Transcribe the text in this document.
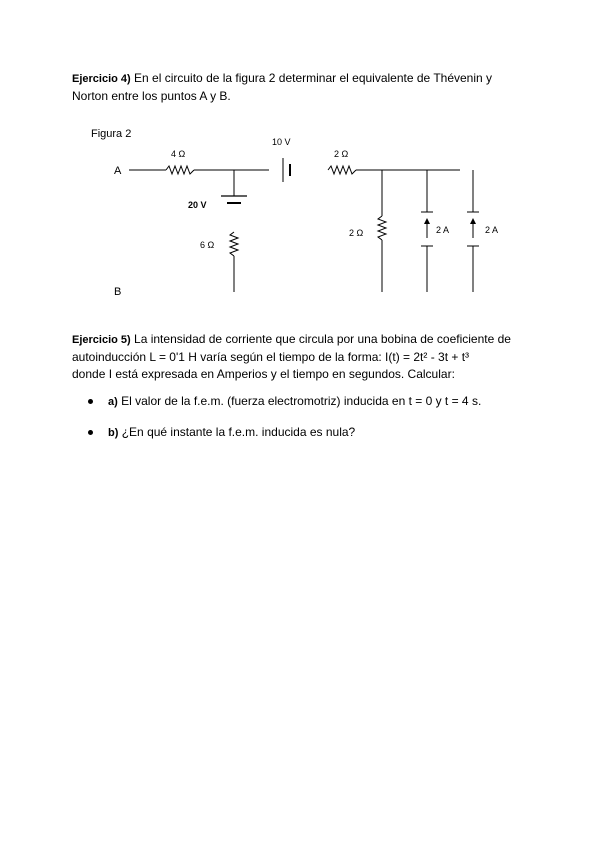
Ejercicio 4) En el circuito de la figura 2 determinar el equivalente de Thévenin y
Norton entre los puntos A y B.

Figura 2
A
B
4 Ω
20 V
6 Ω
10 V
2 Ω
2 Ω	2 A	2 A

Ejercicio 5) La intensidad de corriente que circula por una bobina de coeficiente de
autoinducción L = 0'1 H varía según el tiempo de la forma: I(t) = 2t² - 3t + t³
donde I está expresada en Amperios y el tiempo en segundos. Calcular:

a) El valor de la f.e.m. (fuerza electromotriz) inducida en t = 0 y t = 4 s.
b) ¿En qué instante la f.e.m. inducida es nula?
